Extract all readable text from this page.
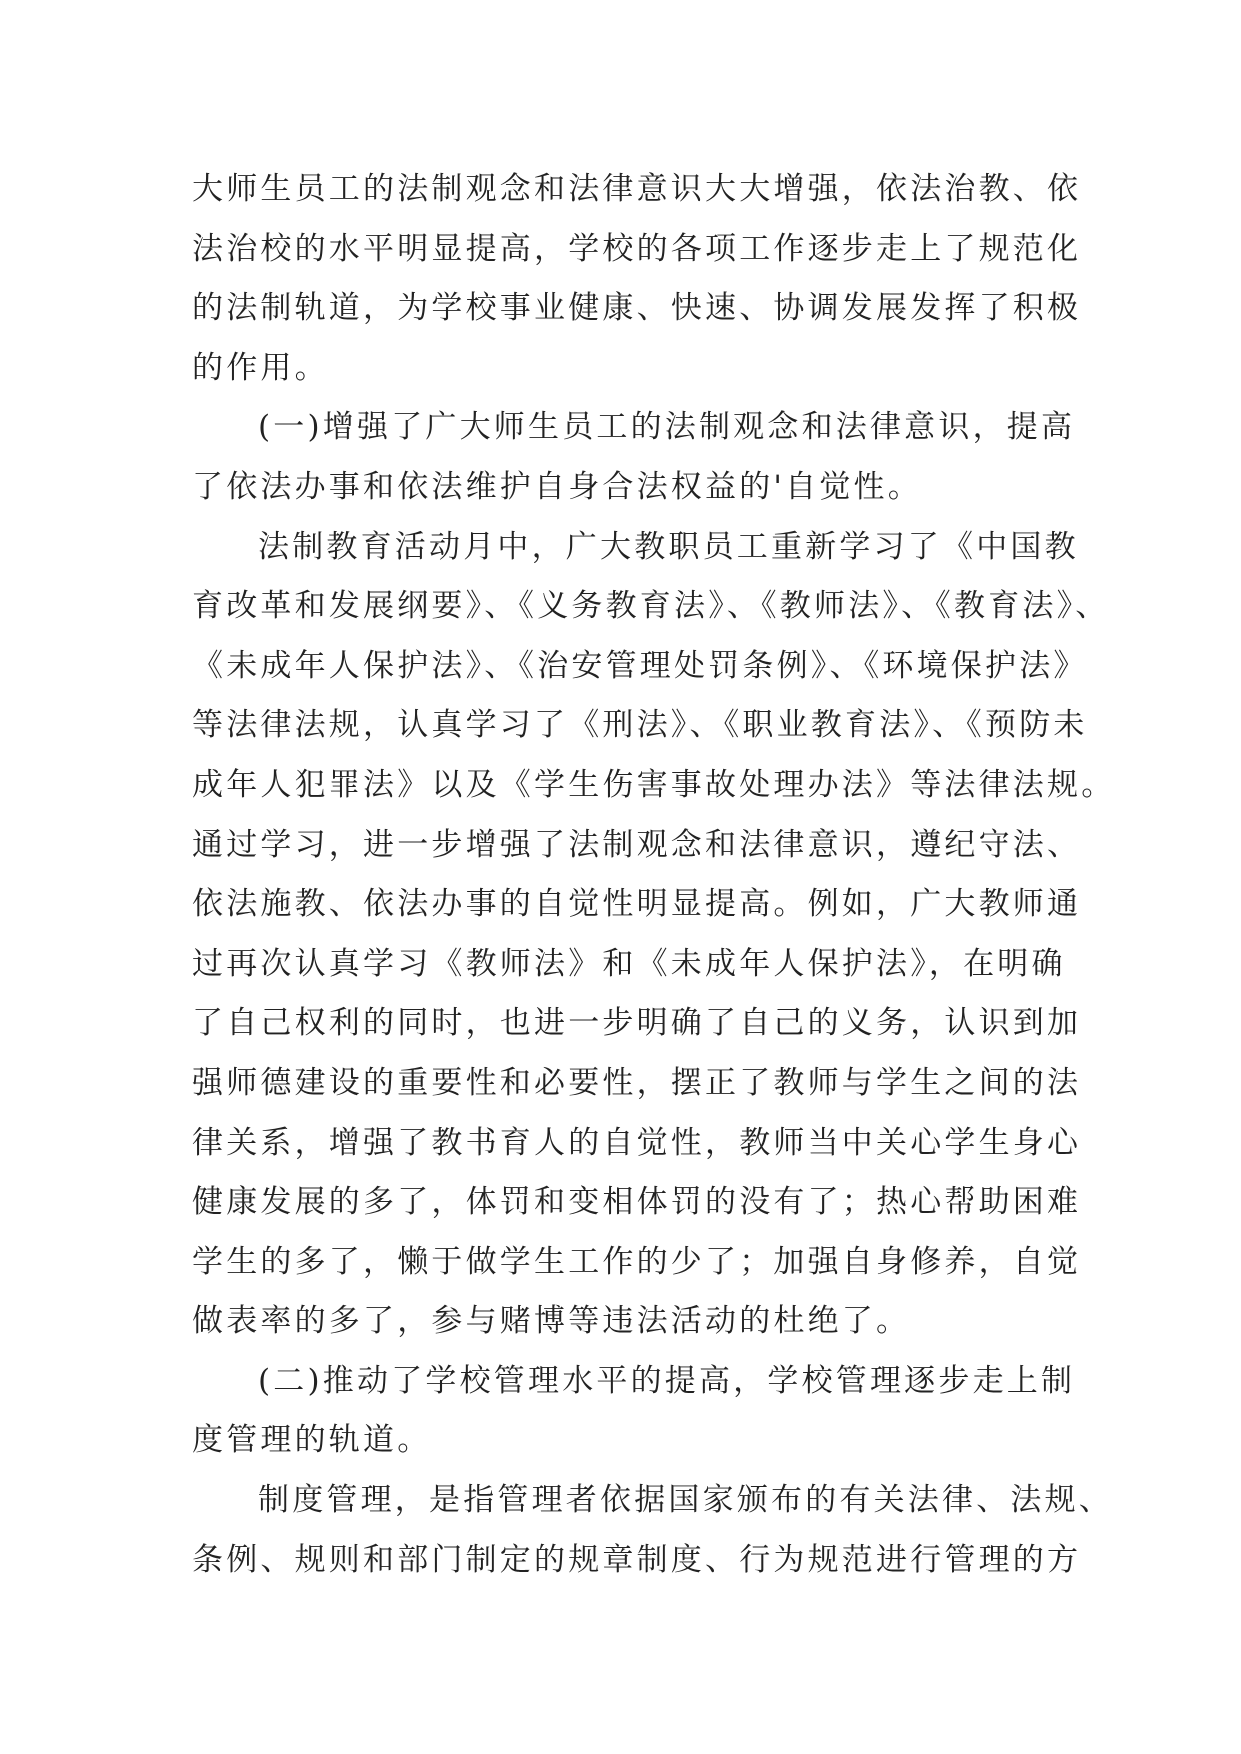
大师生员工的法制观念和法律意识大大增强，依法治教、依
法治校的水平明显提高，学校的各项工作逐步走上了规范化
的法制轨道，为学校事业健康、快速、协调发展发挥了积极
的作用。
(一)增强了广大师生员工的法制观念和法律意识，提高
了依法办事和依法维护自身合法权益的'自觉性。
法制教育活动月中，广大教职员工重新学习了《中国教
育改革和发展纲要》、《义务教育法》、《教师法》、《教育法》、
《未成年人保护法》、《治安管理处罚条例》、《环境保护法》
等法律法规，认真学习了《刑法》、《职业教育法》、《预防未
成年人犯罪法》以及《学生伤害事故处理办法》等法律法规。
通过学习，进一步增强了法制观念和法律意识，遵纪守法、
依法施教、依法办事的自觉性明显提高。例如，广大教师通
过再次认真学习《教师法》和《未成年人保护法》，在明确
了自己权利的同时，也进一步明确了自己的义务，认识到加
强师德建设的重要性和必要性，摆正了教师与学生之间的法
律关系，增强了教书育人的自觉性，教师当中关心学生身心
健康发展的多了，体罚和变相体罚的没有了；热心帮助困难
学生的多了，懒于做学生工作的少了；加强自身修养，自觉
做表率的多了，参与赌博等违法活动的杜绝了。
(二)推动了学校管理水平的提高，学校管理逐步走上制
度管理的轨道。
制度管理，是指管理者依据国家颁布的有关法律、法规、
条例、规则和部门制定的规章制度、行为规范进行管理的方
